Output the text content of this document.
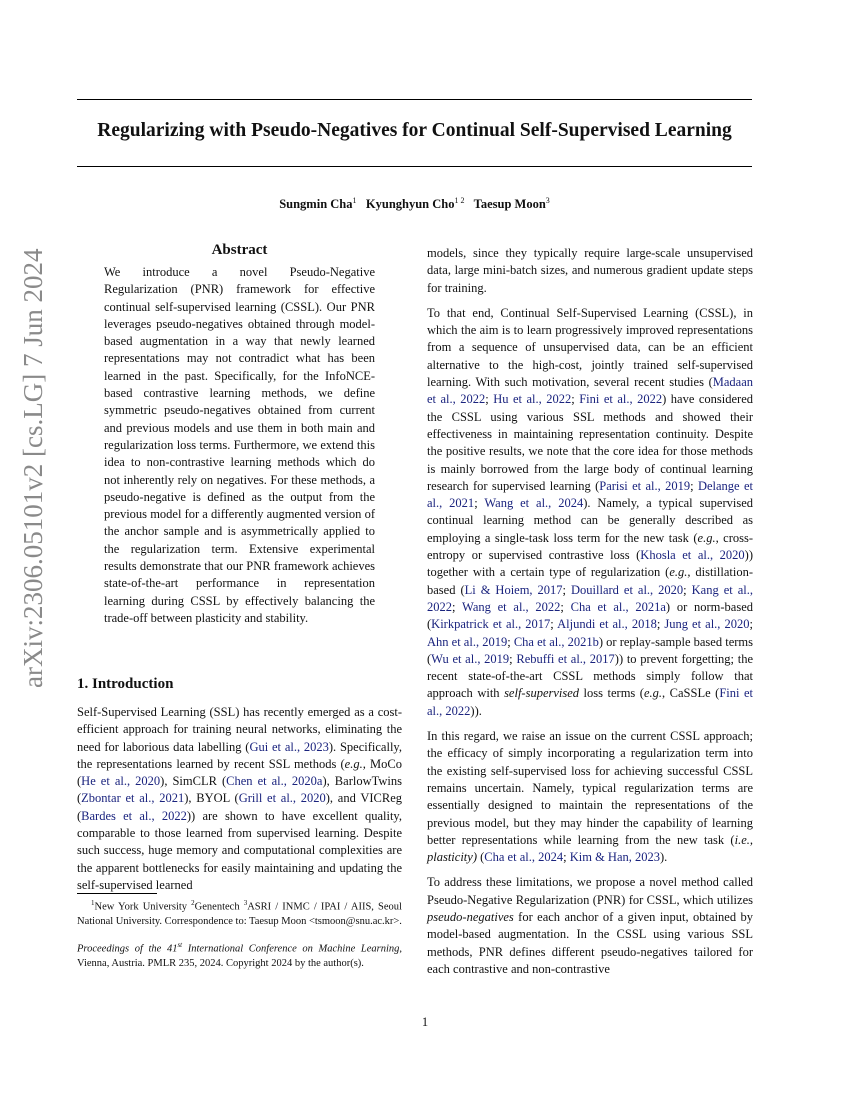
Regularizing with Pseudo-Negatives for Continual Self-Supervised Learning
Sungmin Cha$^1$ Kyunghyun Cho$^{1 2}$ Taesup Moon$^3$
arXiv:2306.05101v2 [cs.LG] 7 Jun 2024	Abstract

We introduce a novel Pseudo-Negative Regularization (PNR) framework for effective continual self-supervised learning (CSSL). Our PNR leverages pseudo-negatives obtained through model-based augmentation in a way that newly learned representations may not contradict what has been learned in the past. Specifically, for the InfoNCE-based contrastive learning methods, we define symmetric pseudo-negatives obtained from current and previous models and use them in both main and regularization loss terms. Furthermore, we extend this idea to non-contrastive learning methods which do not inherently rely on negatives. For these methods, a pseudo-negative is defined as the output from the previous model for a differently augmented version of the anchor sample and is asymmetrically applied to the regularization term. Extensive experimental results demonstrate that our PNR framework achieves state-of-the-art performance in representation learning during CSSL by effectively balancing the trade-off between plasticity and stability.

1. Introduction

Self-Supervised Learning (SSL) has recently emerged as a cost-efficient approach for training neural networks, eliminating the need for laborious data labelling (Gui et al., 2023). Specifically, the representations learned by recent SSL methods (e.g., MoCo (He et al., 2020), SimCLR (Chen et al., 2020a), BarlowTwins (Zbontar et al., 2021), BYOL (Grill et al., 2020), and VICReg (Bardes et al., 2022)) are shown to have excellent quality, comparable to those learned from supervised learning. Despite such success, huge memory and computational complexities are the apparent bottlenecks for easily maintaining and updating the self-supervised learned

models, since they typically require large-scale unsupervised data, large mini-batch sizes, and numerous gradient update steps for training.

To that end, Continual Self-Supervised Learning (CSSL), in which the aim is to learn progressively improved representations from a sequence of unsupervised data, can be an efficient alternative to the high-cost, jointly trained self-supervised learning. With such motivation, several recent studies (Madaan et al., 2022; Hu et al., 2022; Fini et al., 2022) have considered the CSSL using various SSL methods and showed their effectiveness in maintaining representation continuity. Despite the positive results, we note that the core idea for those methods is mainly borrowed from the large body of continual learning research for supervised learning (Parisi et al., 2019; Delange et al., 2021; Wang et al., 2024). Namely, a typical supervised continual learning method can be generally described as employing a single-task loss term for the new task (e.g., cross-entropy or supervised contrastive loss (Khosla et al., 2020)) together with a certain type of regularization (e.g., distillation-based (Li & Hoiem, 2017; Douillard et al., 2020; Kang et al., 2022; Wang et al., 2022; Cha et al., 2021a) or norm-based (Kirkpatrick et al., 2017; Aljundi et al., 2018; Jung et al., 2020; Ahn et al., 2019; Cha et al., 2021b) or replay-sample based terms (Wu et al., 2019; Rebuffi et al., 2017)) to prevent forgetting; the recent state-of-the-art CSSL methods simply follow that approach with self-supervised loss terms (e.g., CaSSLe (Fini et al., 2022)).

In this regard, we raise an issue on the current CSSL approach; the efficacy of simply incorporating a regularization term into the existing self-supervised loss for achieving successful CSSL remains uncertain. Namely, typical regularization terms are essentially designed to maintain the representations of the previous model, but they may hinder the capability of learning better representations while learning from the new task (i.e., plasticity) (Cha et al., 2024; Kim & Han, 2023).

To address these limitations, we propose a novel method called Pseudo-Negative Regularization (PNR) for CSSL, which utilizes pseudo-negatives for each anchor of a given input, obtained by model-based augmentation. In the CSSL using various SSL methods, PNR defines different pseudo-negatives tailored for each contrastive and non-contrastive

$^1$New York University $^2$Genentech $^3$ASRI / INMC / IPAI / AIIS, Seoul National University. Correspondence to: Taesup Moon <tsmoon@snu.ac.kr>.

Proceedings of the 41st International Conference on Machine Learning, Vienna, Austria. PMLR 235, 2024. Copyright 2024 by the author(s).

1
